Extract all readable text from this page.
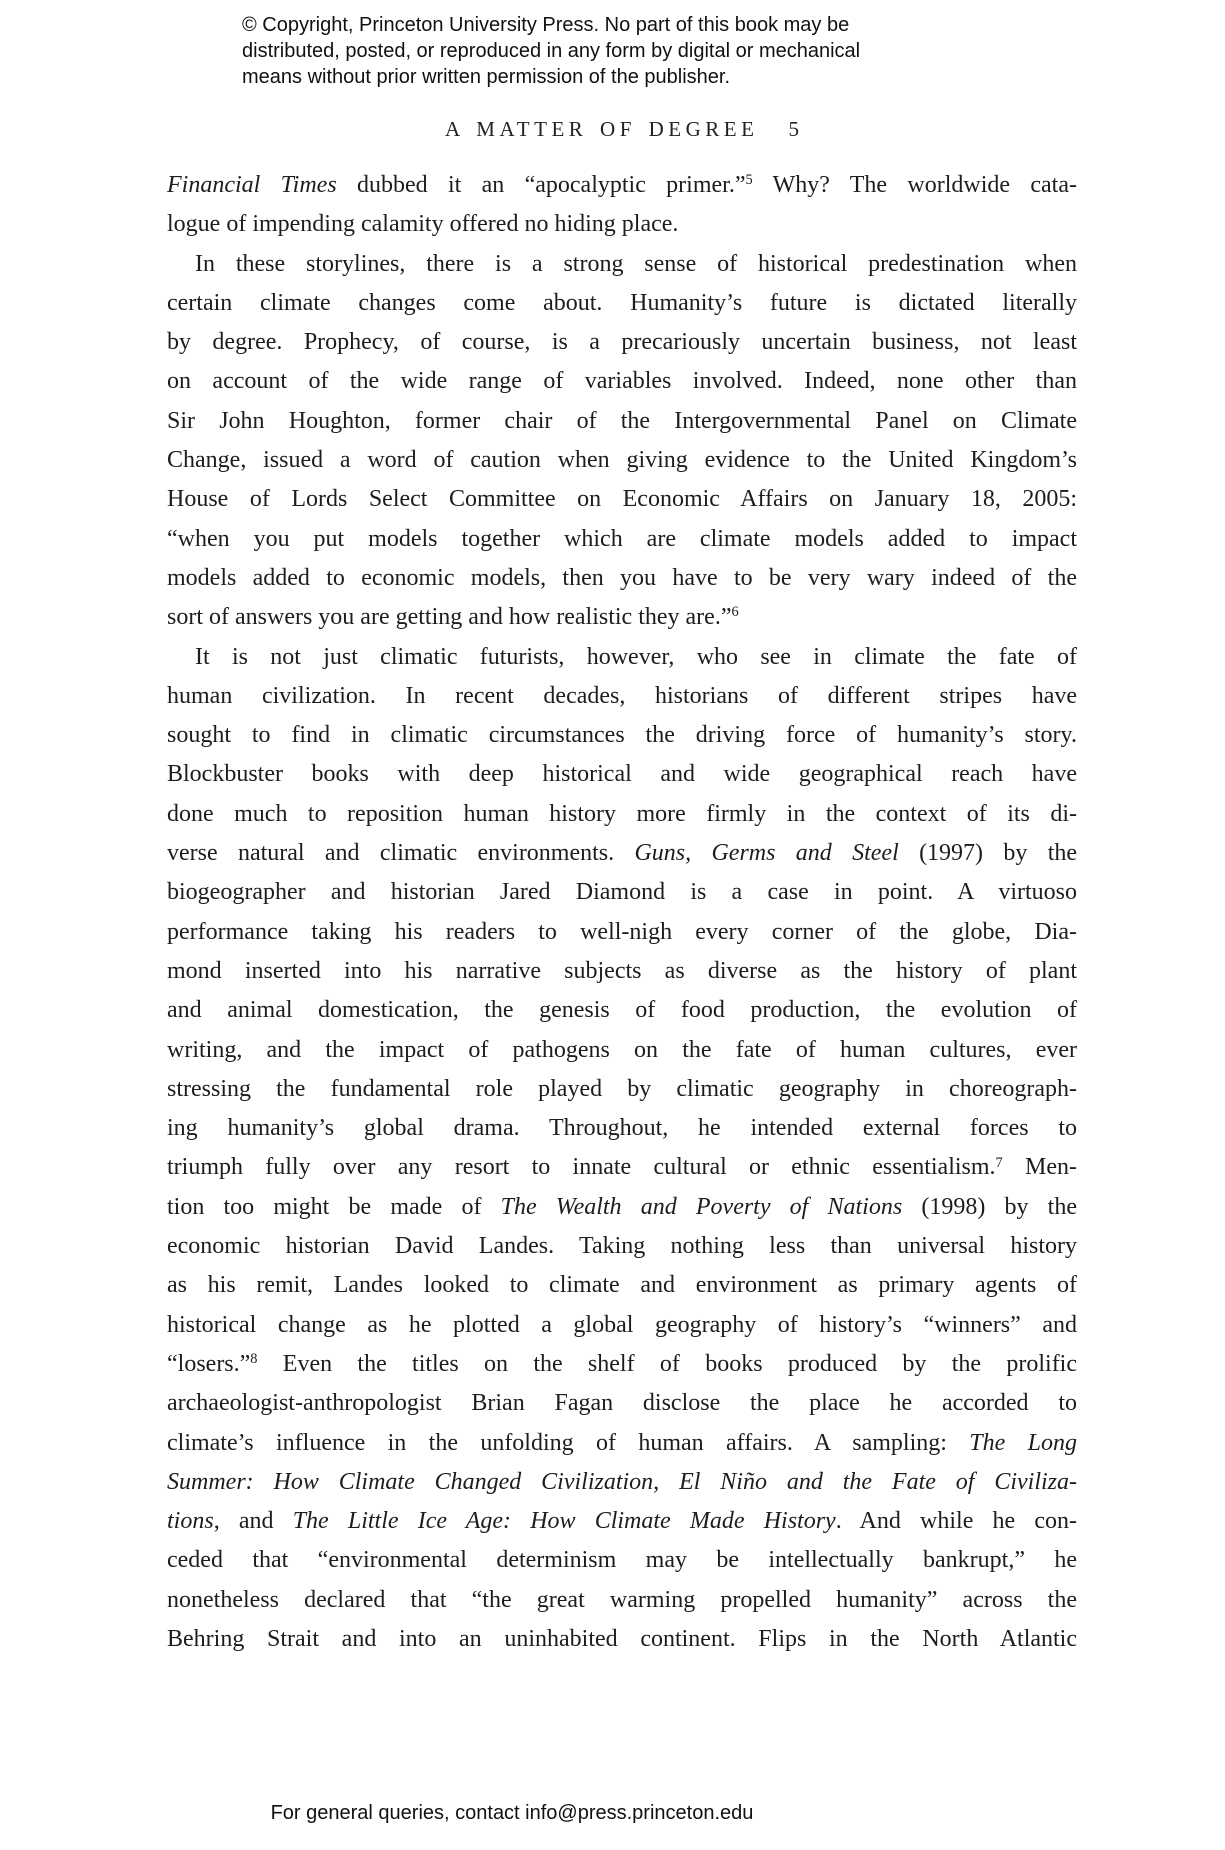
© Copyright, Princeton University Press. No part of this book may be
distributed, posted, or reproduced in any form by digital or mechanical
means without prior written permission of the publisher.
A MATTER OF DEGREE 5
Financial Times dubbed it an “apocalyptic primer.”$^5$ Why? The worldwide cata-
logue of impending calamity offered no hiding place.
In these storylines, there is a strong sense of historical predestination when
certain climate changes come about. Humanity’s future is dictated literally
by degree. Prophecy, of course, is a precariously uncertain business, not least
on account of the wide range of variables involved. Indeed, none other than
Sir John Houghton, former chair of the Intergovernmental Panel on Climate
Change, issued a word of caution when giving evidence to the United Kingdom’s
House of Lords Select Committee on Economic Affairs on January 18, 2005:
“when you put models together which are climate models added to impact
models added to economic models, then you have to be very wary indeed of the
sort of answers you are getting and how realistic they are.”$^6$
It is not just climatic futurists, however, who see in climate the fate of
human civilization. In recent decades, historians of different stripes have
sought to find in climatic circumstances the driving force of humanity’s story.
Blockbuster books with deep historical and wide geographical reach have
done much to reposition human history more firmly in the context of its di-
verse natural and climatic environments. Guns, Germs and Steel (1997) by the
biogeographer and historian Jared Diamond is a case in point. A virtuoso
performance taking his readers to well-nigh every corner of the globe, Dia-
mond inserted into his narrative subjects as diverse as the history of plant
and animal domestication, the genesis of food production, the evolution of
writing, and the impact of pathogens on the fate of human cultures, ever
stressing the fundamental role played by climatic geography in choreograph-
ing humanity’s global drama. Throughout, he intended external forces to
triumph fully over any resort to innate cultural or ethnic essentialism.$^7$ Men-
tion too might be made of The Wealth and Poverty of Nations (1998) by the
economic historian David Landes. Taking nothing less than universal history
as his remit, Landes looked to climate and environment as primary agents of
historical change as he plotted a global geography of history’s “winners” and
“losers.”$^8$ Even the titles on the shelf of books produced by the prolific
archaeologist-anthropologist Brian Fagan disclose the place he accorded to
climate’s influence in the unfolding of human affairs. A sampling: The Long
Summer: How Climate Changed Civilization, El Niño and the Fate of Civiliza-
tions, and The Little Ice Age: How Climate Made History. And while he con-
ceded that “environmental determinism may be intellectually bankrupt,” he
nonetheless declared that “the great warming propelled humanity” across the
Behring Strait and into an uninhabited continent. Flips in the North Atlantic
For general queries, contact info@press.princeton.edu
